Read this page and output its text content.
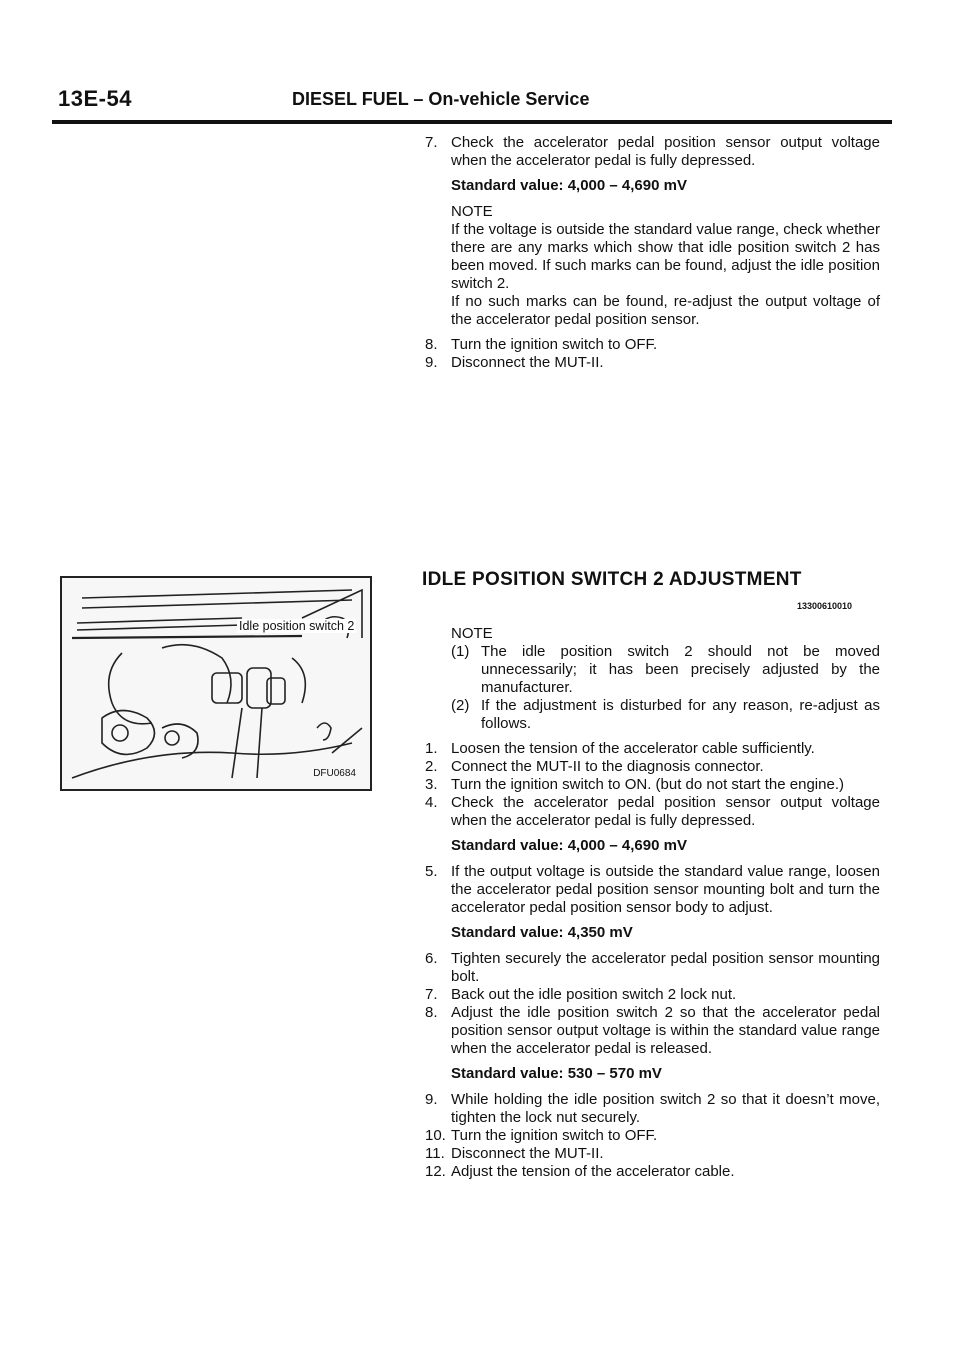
13E-54	DIESEL FUEL – On-vehicle Service
7. Check the accelerator pedal position sensor output voltage when the accelerator pedal is fully depressed.
Standard value: 4,000 – 4,690 mV
NOTE
If the voltage is outside the standard value range, check whether there are any marks which show that idle position switch 2 has been moved. If such marks can be found, adjust the idle position switch 2.
If no such marks can be found, re-adjust the output voltage of the accelerator pedal position sensor.
8. Turn the ignition switch to OFF.
9. Disconnect the MUT-II.
IDLE POSITION SWITCH 2 ADJUSTMENT
13300610010
Idle position switch 2
DFU0684
NOTE
(1) The idle position switch 2 should not be moved unnecessarily; it has been precisely adjusted by the manufacturer.
(2) If the adjustment is disturbed for any reason, re-adjust as follows.
1. Loosen the tension of the accelerator cable sufficiently.
2. Connect the MUT-II to the diagnosis connector.
3. Turn the ignition switch to ON. (but do not start the engine.)
4. Check the accelerator pedal position sensor output voltage when the accelerator pedal is fully depressed.
Standard value: 4,000 – 4,690 mV
5. If the output voltage is outside the standard value range, loosen the accelerator pedal position sensor mounting bolt and turn the accelerator pedal position sensor body to adjust.
Standard value: 4,350 mV
6. Tighten securely the accelerator pedal position sensor mounting bolt.
7. Back out the idle position switch 2 lock nut.
8. Adjust the idle position switch 2 so that the accelerator pedal position sensor output voltage is within the standard value range when the accelerator pedal is released.
Standard value: 530 – 570 mV
9. While holding the idle position switch 2 so that it doesn’t move, tighten the lock nut securely.
10. Turn the ignition switch to OFF.
11. Disconnect the MUT-II.
12. Adjust the tension of the accelerator cable.
